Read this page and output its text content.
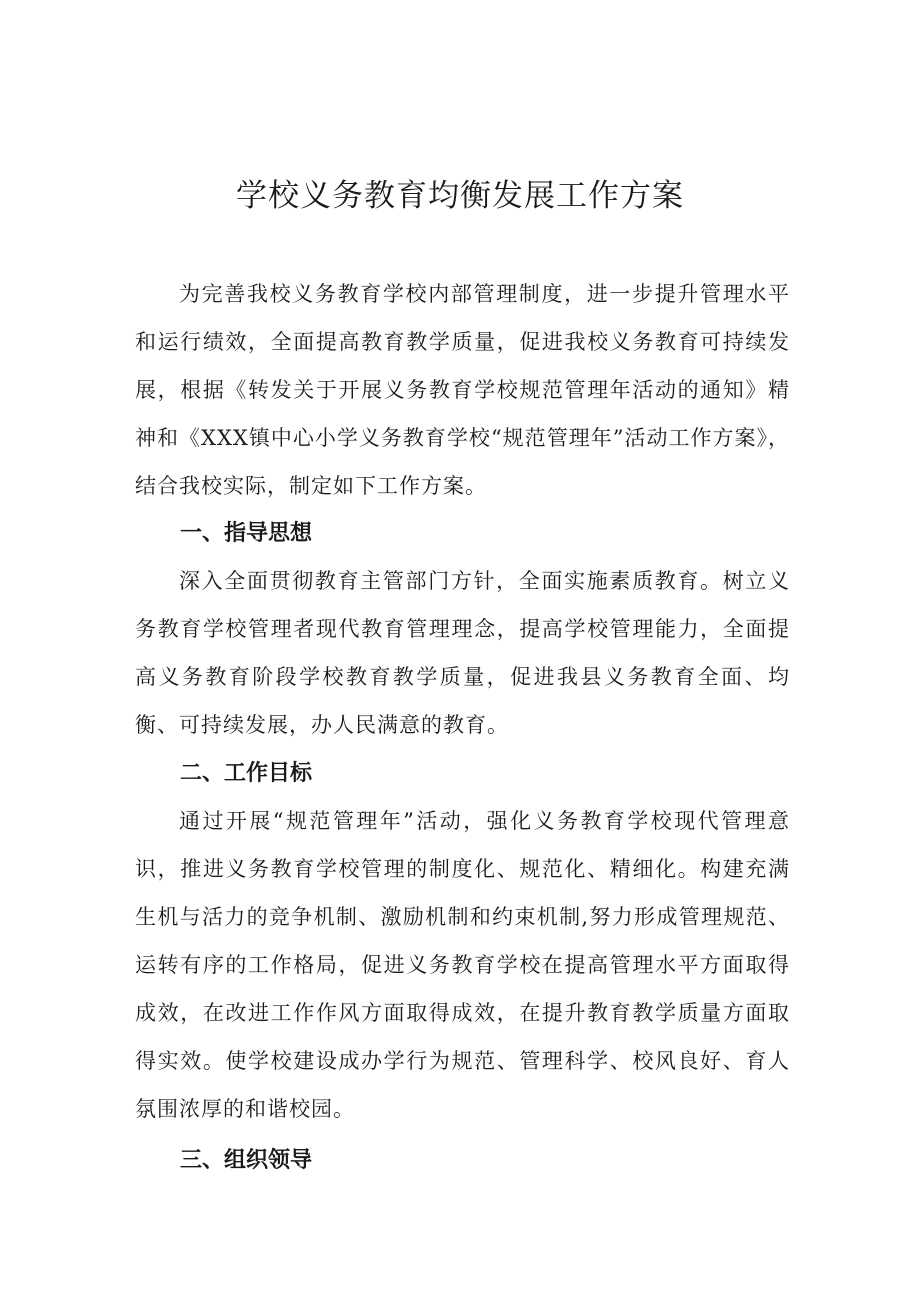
学校义务教育均衡发展工作方案

为完善我校义务教育学校内部管理制度，进一步提升管理水平和运行绩效，全面提高教育教学质量，促进我校义务教育可持续发展，根据《转发关于开展义务教育学校规范管理年活动的通知》精神和《XXX镇中心小学义务教育学校“规范管理年”活动工作方案》，结合我校实际，制定如下工作方案。

一、指导思想

深入全面贯彻教育主管部门方针，全面实施素质教育。树立义务教育学校管理者现代教育管理理念，提高学校管理能力，全面提高义务教育阶段学校教育教学质量，促进我县义务教育全面、均衡、可持续发展，办人民满意的教育。

二、工作目标

通过开展“规范管理年”活动，强化义务教育学校现代管理意识，推进义务教育学校管理的制度化、规范化、精细化。构建充满生机与活力的竞争机制、激励机制和约束机制,努力形成管理规范、运转有序的工作格局，促进义务教育学校在提高管理水平方面取得成效，在改进工作作风方面取得成效，在提升教育教学质量方面取得实效。使学校建设成办学行为规范、管理科学、校风良好、育人氛围浓厚的和谐校园。

三、组织领导
